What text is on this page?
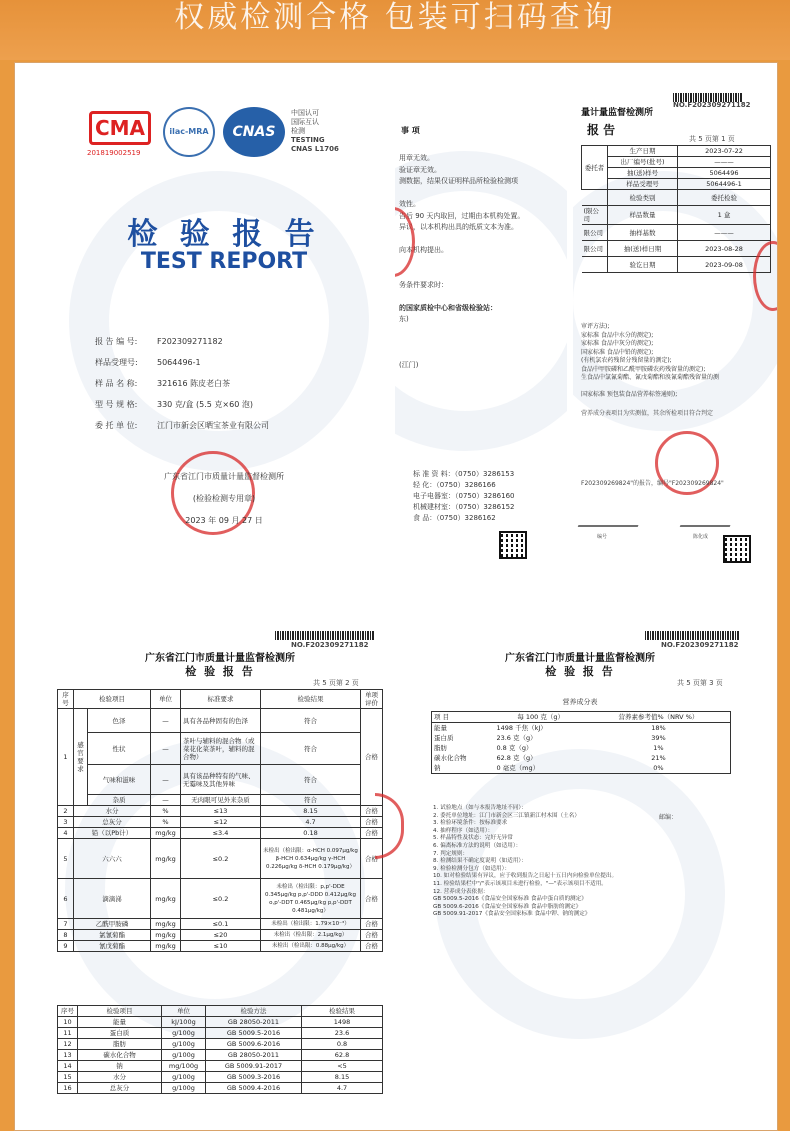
权威检测合格 包装可扫码查询
CMA
201819002519
ilac-MRA	CNAS
中国认可
国际互认
检测
TESTING
CNAS L1706
检 验 报 告
TEST REPORT
报 告 编 号:	F202309271182
样品受理号:	5064496-1
样 品 名 称:	321616 陈皮老白茶
型 号 规 格:	330 克/盒 (5.5 克×60 泡)
委 托 单 位:	江门市新会区晒宝茶业有限公司
广东省江门市质量计量监督检测所
(检验检测专用章)
2023 年 09 月 27 日
事 项
用章无效。
验证章无效。
测数据，结果仅证明样品所检验检测项

效性。
告后 90 天内取回，过期由本机构处置。
异议，以本机构出具的纸质文本为准。

向本机构提出。

务条件要求时：

的国家质检中心和省级检验站：
东)

(江门)
标 准 资 料：（0750）3286153
轻 化：（0750）3286166
电子电器室：（0750）3286160
机械建材室：（0750）3286152
食 品：（0750）3286162
NO.F202309271182
量计量监督检测所
报 告
共 5 页第 1 页
委托者	生产日期	2023-07-22
	出厂编号(批号)	———
	抽(送)样号	5064496
	样品受理号	5064496-1
	检验类别	委托检验
(限公司	样品数量	1 盒
限公司	抽样基数	———
限公司	抽(送)样日期	2023-08-28
	验讫日期	2023-09-08
审评方法);
家标准 食品中水分的测定);
家标准 食品中灰分的测定);
国家标准 食品中铅的测定);
(有机氯农药残留分残留量的测定);
食品中甲胺磷和乙酰甲胺磷农药残留量的测定);
生食品中氯氰菊酯、氰戊菊酯和溴氰菊酯残留量的测

国家标准 预包装食品营养标签通则);
营养成分表项目为实测值，其余所检项目符合判定
F202309269824"的报告，编号"F202309269824"
编号	陈化成
NO.F202309271182
广东省江门市质量计量监督检测所
检 验 报 告
共 5 页第 2 页
序号	检验项目		单位	标准要求	检验结果	单项评价
1	感官要求	色泽	—	具有各品种固有的色泽	符合	合格
		性状	—	茶叶与辅料的混合物（或菜花化菜茶叶，辅料的混合物）	符合	
		气味和滋味	—	具有该品种特有的气味、无霉味及其他异味	符合	
		杂质	—	无肉眼可见外来杂质	符合	
2	水分		%	≤13	8.15	合格
3	总灰分		%	≤12	4.7	合格
4	铅（以Pb计）		mg/kg	≤3.4	0.18	合格
5	六六六		mg/kg	≤0.2	未检出（检出限：α-HCH 0.097μg/kg β-HCH 0.634μg/kg γ-HCH 0.226μg/kg δ-HCH 0.179μg/kg）	合格
6	滴滴涕		mg/kg	≤0.2	未检出（检出限：p,p'-DDE 0.345μg/kg p,p'-DDD 0.412μg/kg o,p'-DDT 0.465μg/kg p,p'-DDT 0.481μg/kg）	合格
7	乙酰甲胺磷		mg/kg	≤0.1	未检出（检出限：1.79×10⁻³）	合格
8	氯氰菊酯		mg/kg	≤20	未检出（检出限：2.1μg/kg）	合格
9	氰戊菊酯		mg/kg	≤10	未检出（检出限：0.88μg/kg）	合格
序号	检验项目	单位	检验方法	检验结果
10	能量	kJ/100g	GB 28050-2011	1498
11	蛋白质	g/100g	GB 5009.5-2016	23.6
12	脂肪	g/100g	GB 5009.6-2016	0.8
13	碳水化合物	g/100g	GB 28050-2011	62.8
14	钠	mg/100g	GB 5009.91-2017	<5
15	水分	g/100g	GB 5009.3-2016	8.15
16	总灰分	g/100g	GB 5009.4-2016	4.7
NO.F202309271182
广东省江门市质量计量监督检测所
检 验 报 告
共 5 页第 3 页
营养成分表
项 目	每 100 克（g）	营养素参考值%（NRV %）
能量	1498 千焦（kJ）	18%
蛋白质	23.6 克（g）	39%
脂肪	0.8 克（g）	1%
碳水化合物	62.8 克（g）	21%
钠	0 毫克（mg）	0%
1. 试验地点（如与本报告地址不同）：
2. 委托单位地址：江门市新会区三江镇新江村木围（土名）
3. 检验环境条件：按标准要求
4. 抽样程序（如适用）：
5. 样品特性及状态：完好无异常
6. 偏离标准方法的说明（如适用）：
7. 判定规则：
8. 检测结果不确定度说明（如适用）：
9. 检验检测分包方（如适用）：
10. 如对检验结果有异议，应于收到报告之日起十五日内向检验单位提出。
11. 检验结果栏中"/"表示该项目未进行检验，"—"表示该项目不适用。
12. 营养成分表依据：
GB 5009.5-2016《食品安全国家标准 食品中蛋白质的测定》
GB 5009.6-2016《食品安全国家标准 食品中脂肪的测定》
GB 5009.91-2017《食品安全国家标准 食品中钾、钠的测定》
邮编：
